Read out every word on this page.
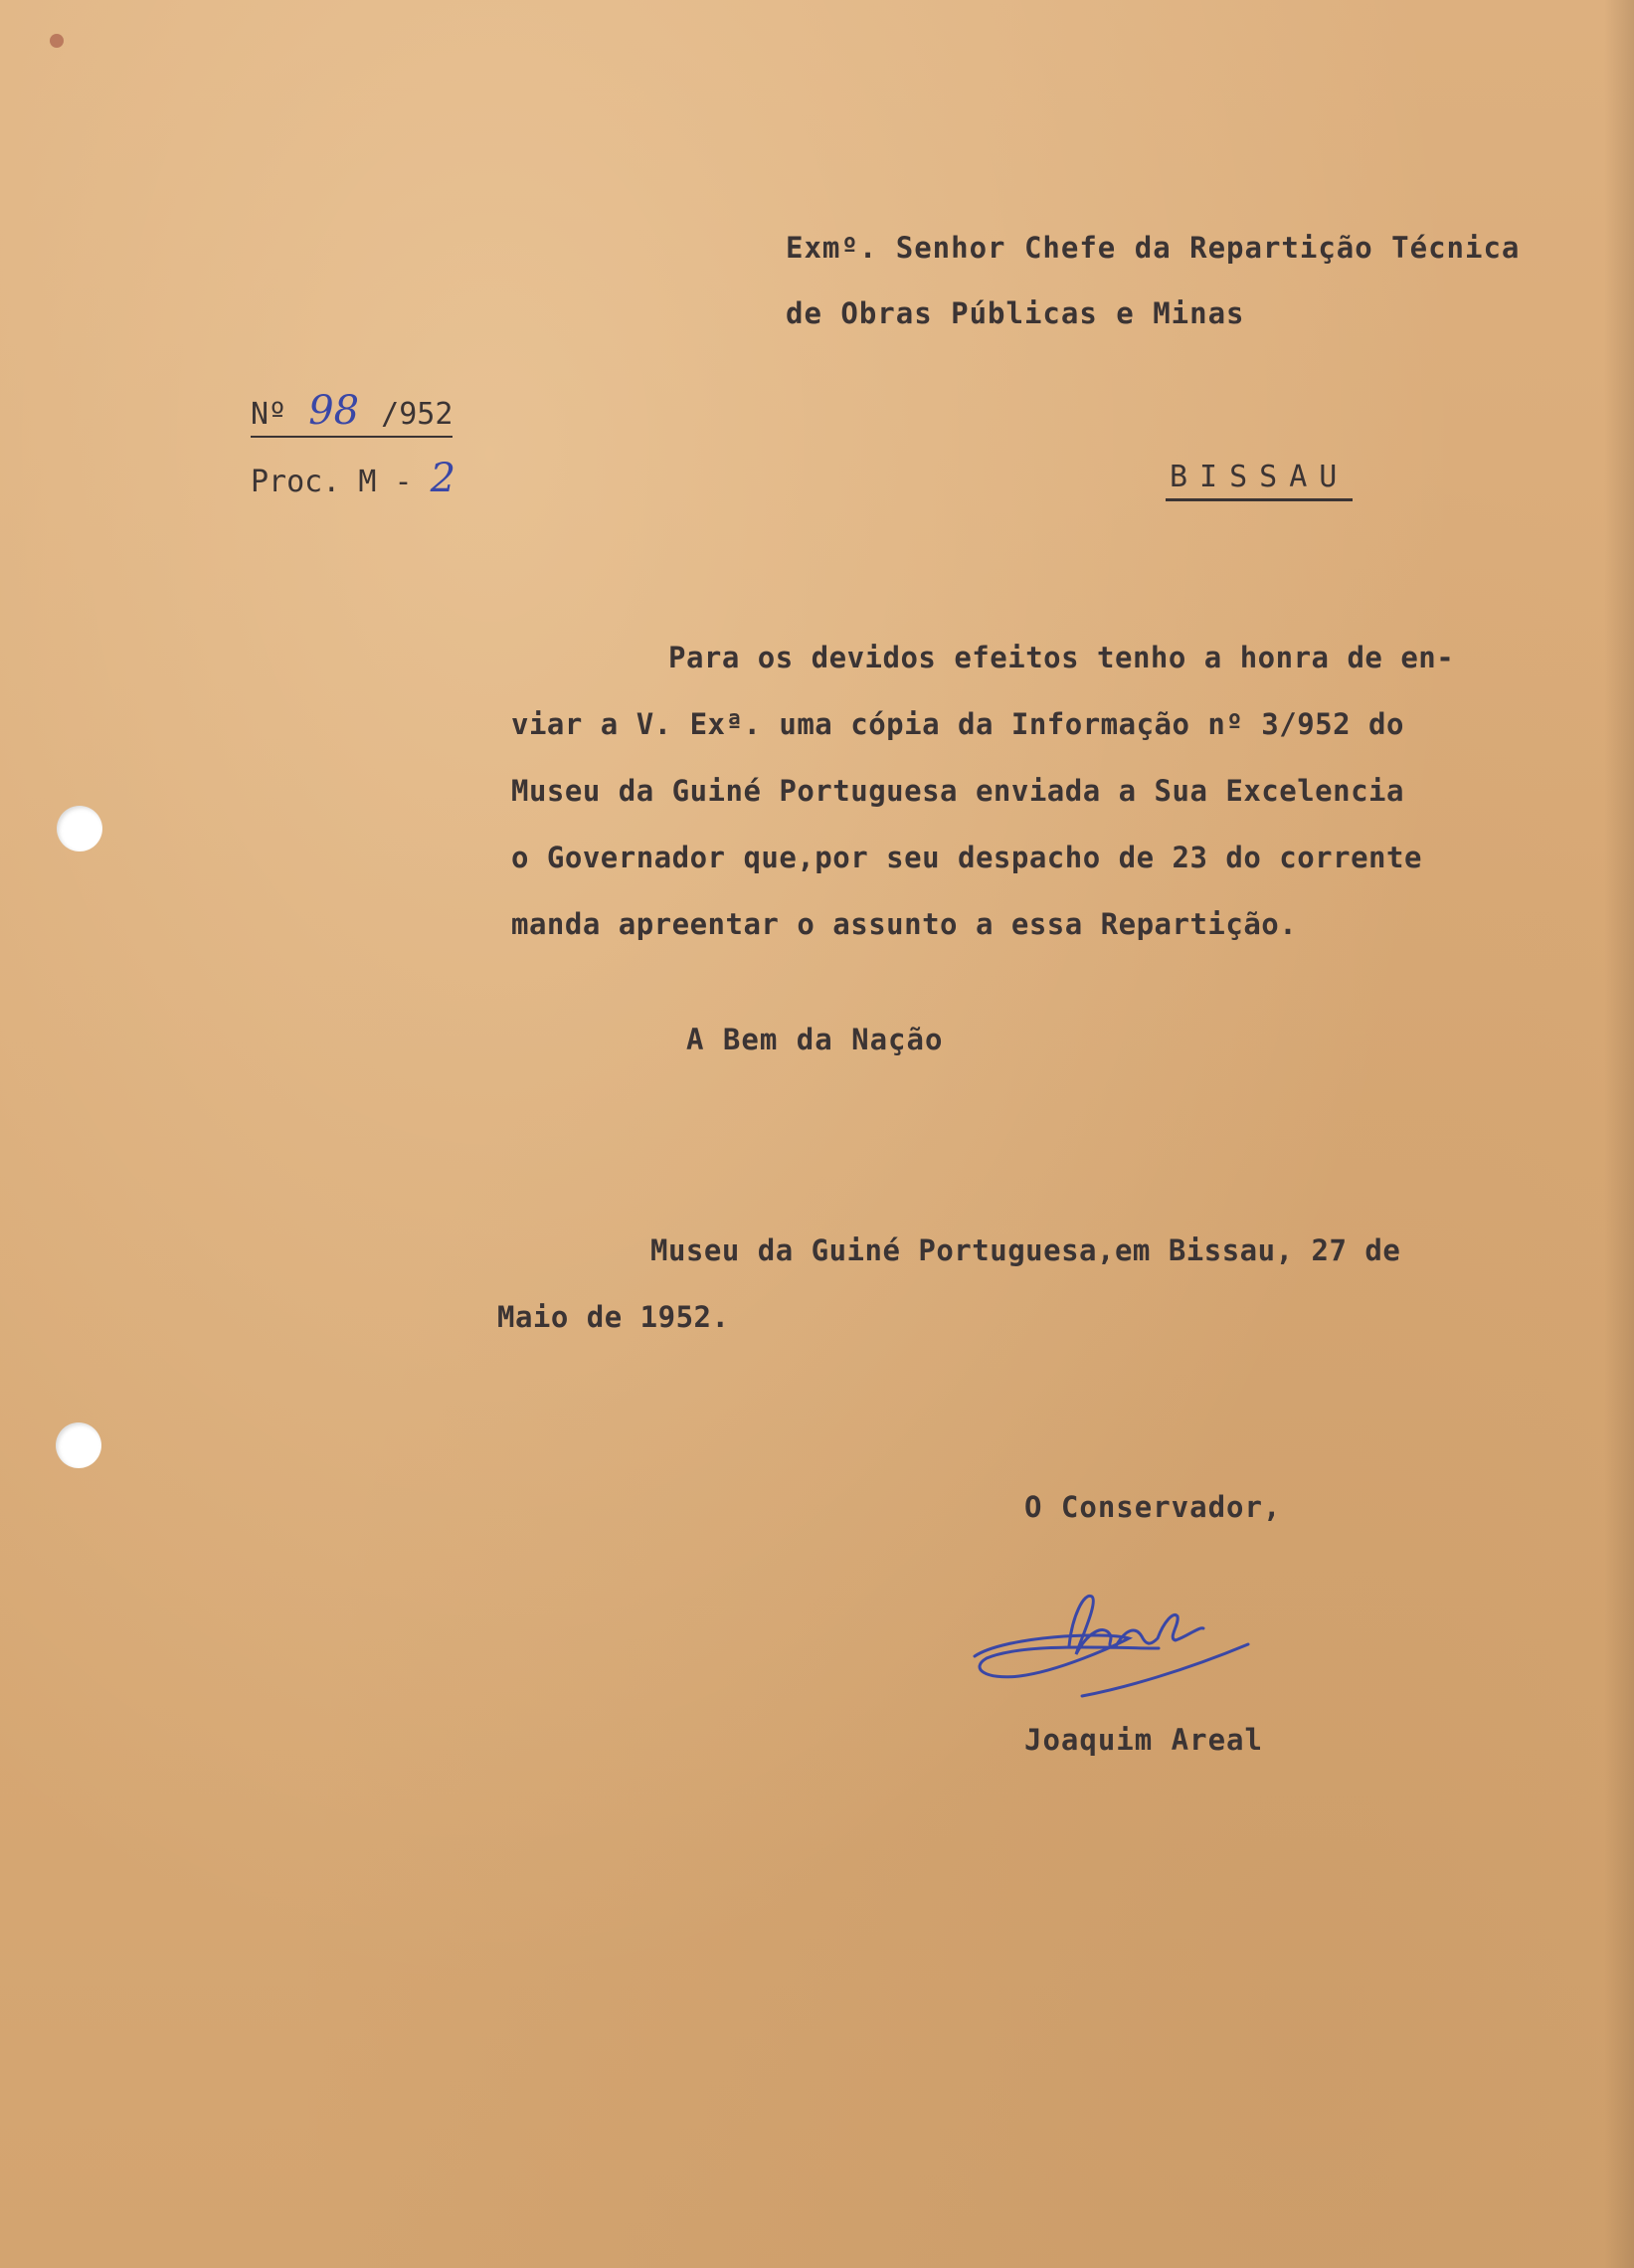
Exmº. Senhor Chefe da Repartição Técnica

de Obras Públicas e Minas

Nº 98 /952
Proc. M - 2	BISSAU
Para os devidos efeitos tenho a honra de en-
viar a V. Exª. uma cópia da Informação nº 3/952 do
Museu da Guiné Portuguesa enviada a Sua Excelencia
o Governador que,por seu despacho de 23 do corrente
manda apreentar o assunto a essa Repartição.

A Bem da Nação

Museu da Guiné Portuguesa,em Bissau, 27 de
Maio de 1952.

O Conservador,

Joaquim Areal
